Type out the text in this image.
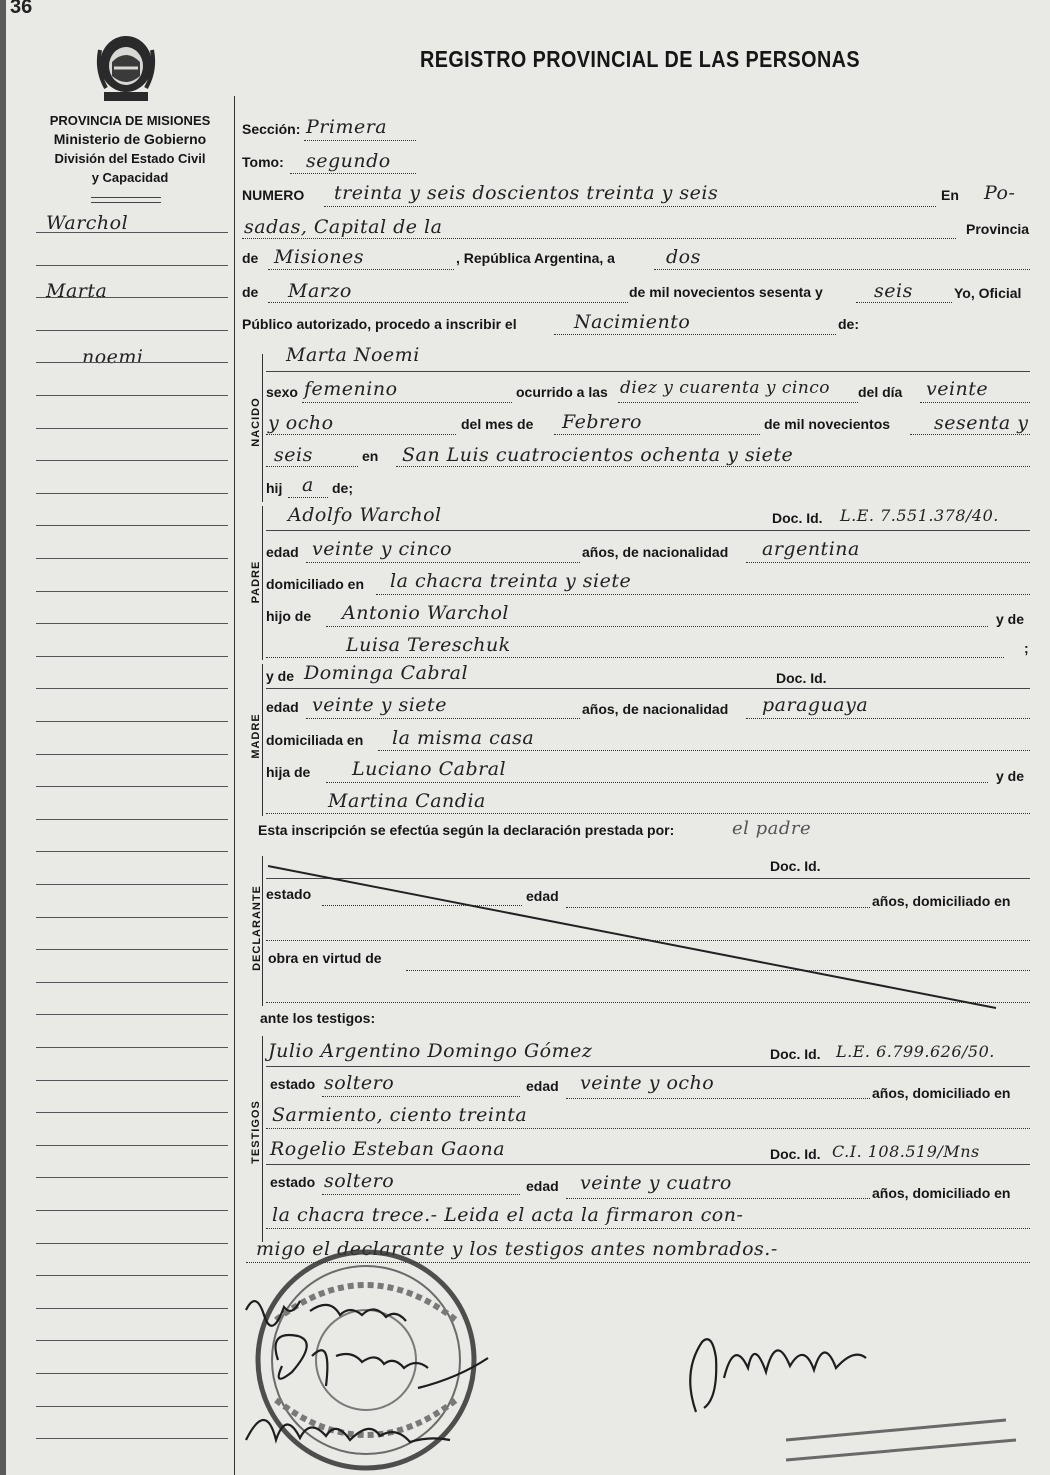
36
PROVINCIA DE MISIONES
Ministerio de Gobierno
División del Estado Civil
y Capacidad
REGISTRO PROVINCIAL DE LAS PERSONAS
Warchol
Marta
noemi
Sección: Primera
Tomo: segundo
NUMERO treinta y seis doscientos treinta y seis	En Po-
sadas, Capital de la	Provincia
de Misiones	, República Argentina, a	dos
de Marzo	de mil novecientos sesenta y	seis	Yo, Oficial
Público autorizado, procedo a inscribir el	Nacimiento	de:
NACIDO
Marta Noemi
sexo femenino	ocurrido a las diez y cuarenta y cinco del día veinte
y ocho	del mes de Febrero	de mil novecientos sesenta y
seis	en San Luis cuatrocientos ochenta y siete
hij a de;
PADRE
Adolfo Warchol	Doc. Id. L.E. 7.551.378/40.
edad veinte y cinco	años, de nacionalidad argentina
domiciliado en la chacra treinta y siete
hijo de Antonio Warchol	y de
Luisa Tereschuk	;
MADRE
y de Dominga Cabral	Doc. Id.
edad veinte y siete	años, de nacionalidad paraguaya
domiciliada en la misma casa
hija de Luciano Cabral	y de
Martina Candia
Esta inscripción se efectúa según la declaración prestada por:	el padre
DECLARANTE
Doc. Id.
estado	edad	años, domiciliado en
obra en virtud de
ante los testigos:
TESTIGOS
Julio Argentino Domingo Gómez	Doc. Id. L.E. 6.799.626/50.
estado soltero	edad veinte y ocho	años, domiciliado en
Sarmiento, ciento treinta
Rogelio Esteban Gaona	Doc. Id. C.I. 108.519/Mns
estado soltero	edad veinte y cuatro	años, domiciliado en
la chacra trece.- Leida el acta la firmaron con-
migo el declarante y los testigos antes nombrados.-
